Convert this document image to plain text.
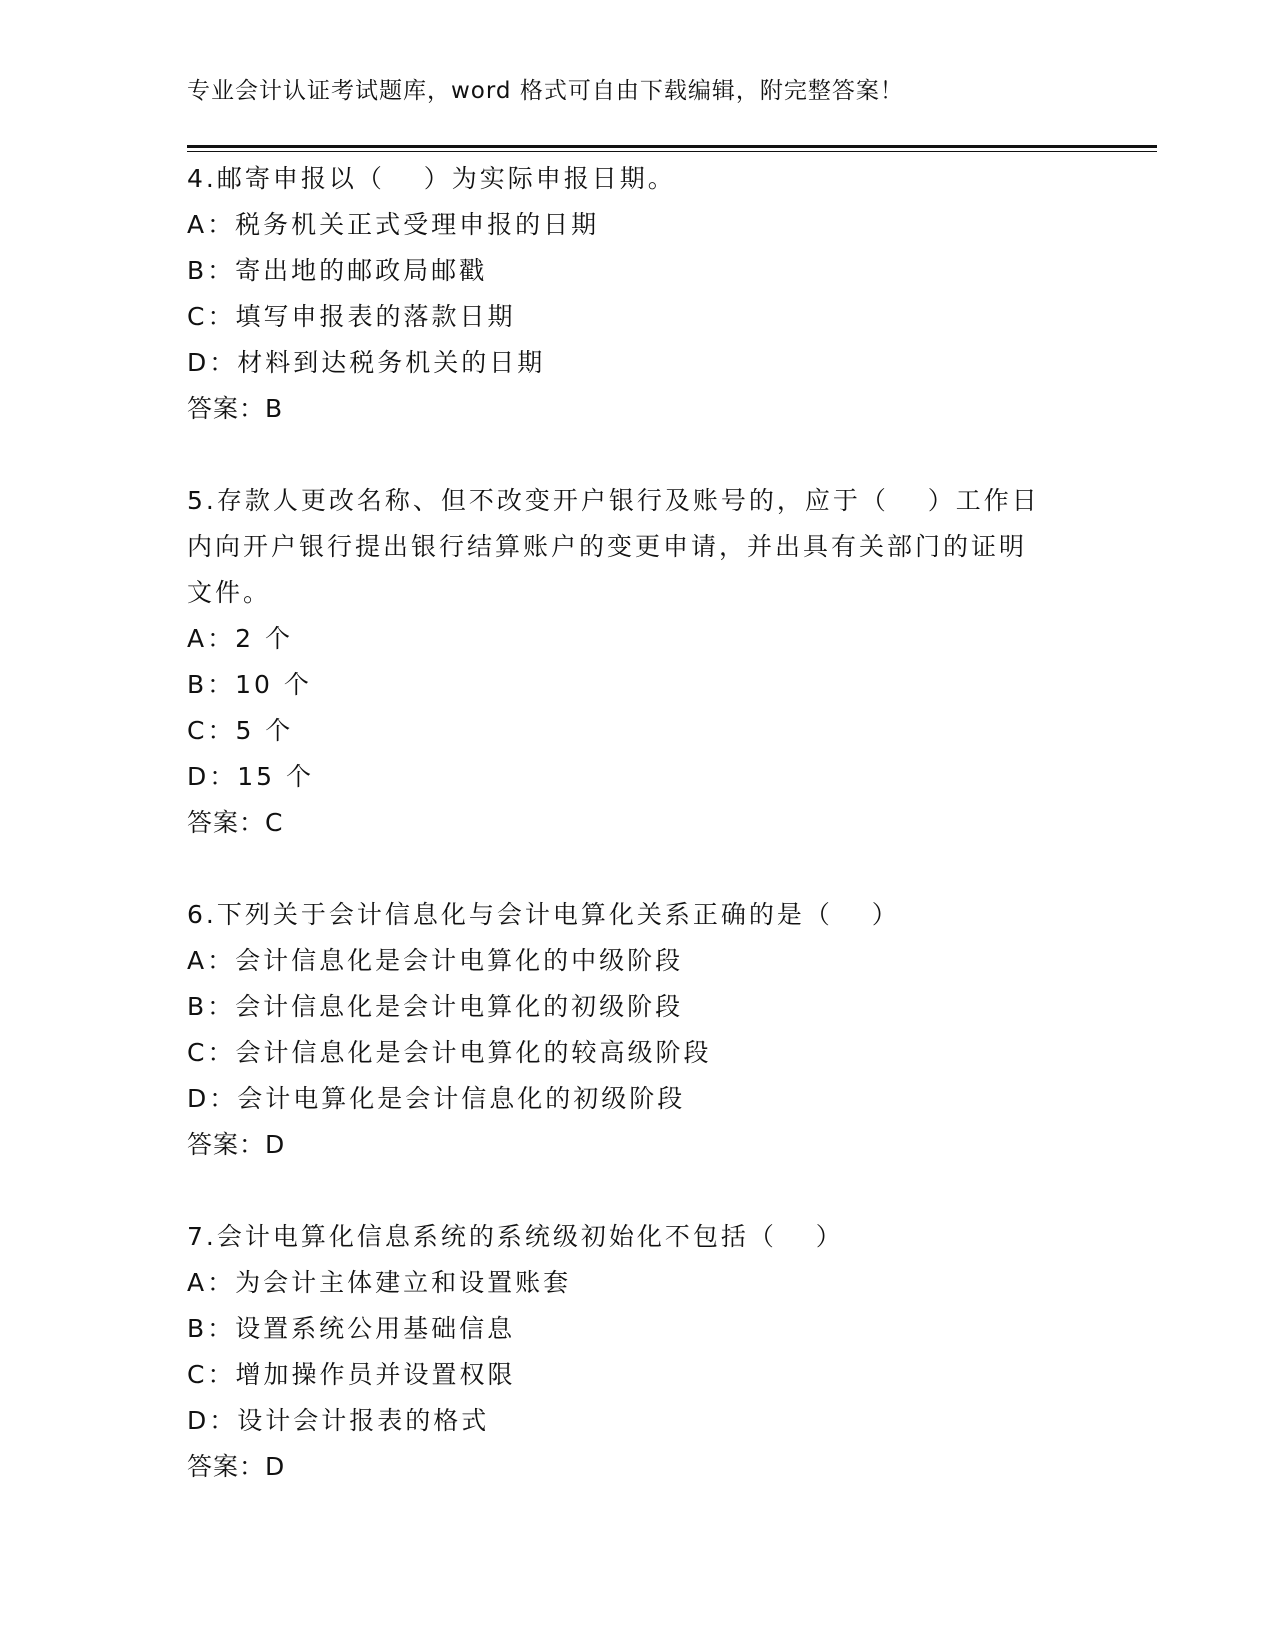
专业会计认证考试题库，word 格式可自由下载编辑，附完整答案！
4.邮寄申报以（　 ）为实际申报日期。
A：税务机关正式受理申报的日期
B：寄出地的邮政局邮戳
C：填写申报表的落款日期
D：材料到达税务机关的日期
答案：B
5.存款人更改名称、但不改变开户银行及账号的，应于（　 ）工作日
内向开户银行提出银行结算账户的变更申请，并出具有关部门的证明
文件。
A：2 个
B：10 个
C：5 个
D：15 个
答案：C
6.下列关于会计信息化与会计电算化关系正确的是（　 ）
A：会计信息化是会计电算化的中级阶段
B：会计信息化是会计电算化的初级阶段
C：会计信息化是会计电算化的较高级阶段
D：会计电算化是会计信息化的初级阶段
答案：D
7.会计电算化信息系统的系统级初始化不包括（　 ）
A：为会计主体建立和设置账套
B：设置系统公用基础信息
C：增加操作员并设置权限
D：设计会计报表的格式
答案：D
